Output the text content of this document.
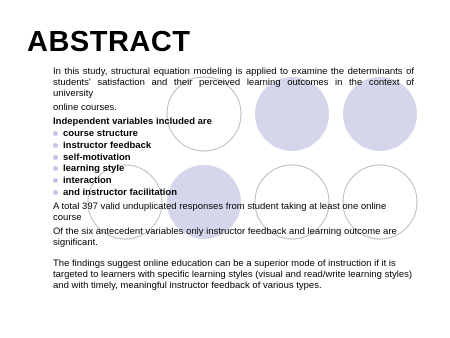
ABSTRACT

In this study, structural equation modeling is applied to examine the determinants of students' satisfaction and their perceived learning outcomes in the context of university

online courses.

Independent variables included are

course structure
instructor feedback
self-motivation
learning style
interaction
and instructor facilitation

A total 397 valid unduplicated responses from student taking at least one online course

Of the six antecedent variables only instructor feedback and learning outcome are significant.

The findings suggest online education can be a superior mode of instruction if it is targeted to learners with specific learning styles (visual and read/write learning styles) and with timely, meaningful instructor feedback of various types.
